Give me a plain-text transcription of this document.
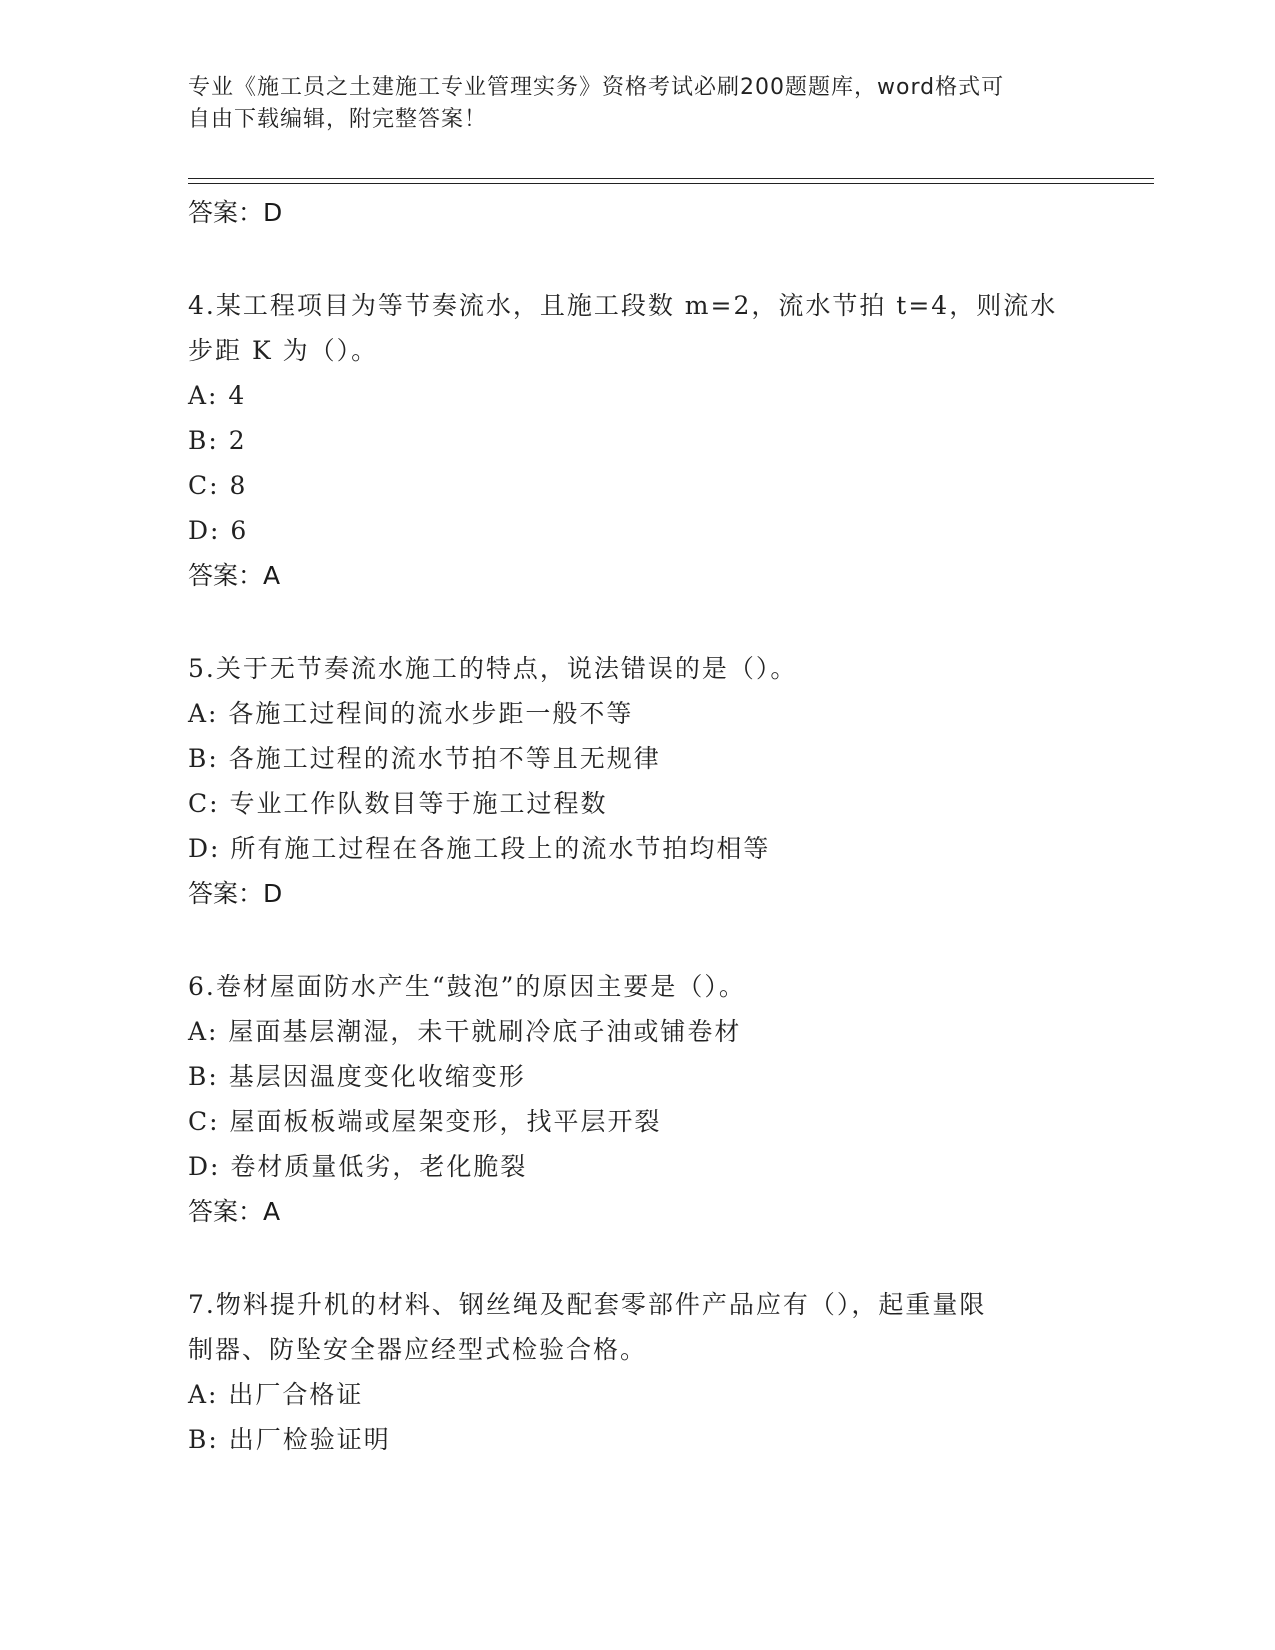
专业《施工员之土建施工专业管理实务》资格考试必刷200题题库，word格式可
自由下载编辑，附完整答案！
答案：D
4.某工程项目为等节奏流水，且施工段数 m=2，流水节拍 t=4，则流水
步距 K 为（）。
A: 4
B: 2
C: 8
D: 6
答案：A
5.关于无节奏流水施工的特点，说法错误的是（）。
A: 各施工过程间的流水步距一般不等
B: 各施工过程的流水节拍不等且无规律
C: 专业工作队数目等于施工过程数
D: 所有施工过程在各施工段上的流水节拍均相等
答案：D
6.卷材屋面防水产生“鼓泡”的原因主要是（）。
A: 屋面基层潮湿，未干就刷冷底子油或铺卷材
B: 基层因温度变化收缩变形
C: 屋面板板端或屋架变形，找平层开裂
D: 卷材质量低劣，老化脆裂
答案：A
7.物料提升机的材料、钢丝绳及配套零部件产品应有（），起重量限
制器、防坠安全器应经型式检验合格。
A: 出厂合格证
B: 出厂检验证明
